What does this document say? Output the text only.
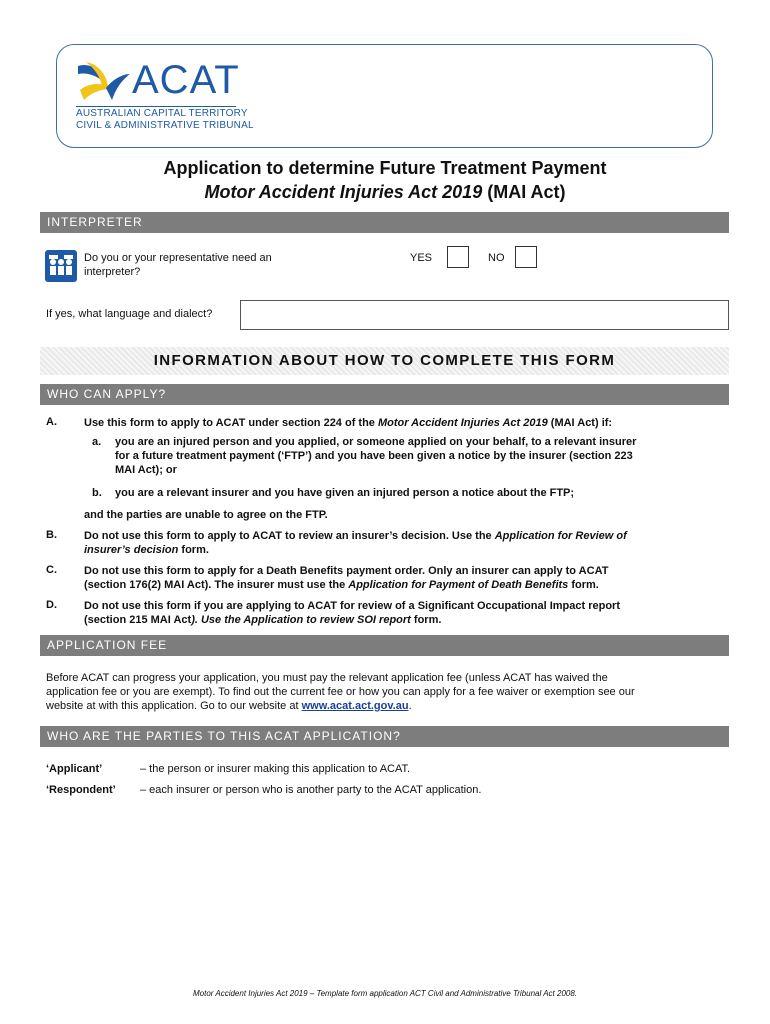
ACAT
AUSTRALIAN CAPITAL TERRITORY
CIVIL & ADMINISTRATIVE TRIBUNAL
Application to determine Future Treatment Payment
Motor Accident Injuries Act 2019 (MAI Act)
INTERPRETER
Do you or your representative need an interpreter?
YES	NO
If yes, what language and dialect?
INFORMATION ABOUT HOW TO COMPLETE THIS FORM
WHO CAN APPLY?
A. Use this form to apply to ACAT under section 224 of the Motor Accident Injuries Act 2019 (MAI Act) if:
a. you are an injured person and you applied, or someone applied on your behalf, to a relevant insurer
for a future treatment payment (‘FTP’) and you have been given a notice by the insurer (section 223
MAI Act); or
b. you are a relevant insurer and you have given an injured person a notice about the FTP;
and the parties are unable to agree on the FTP.
B. Do not use this form to apply to ACAT to review an insurer’s decision. Use the Application for Review of
insurer’s decision form.
C. Do not use this form to apply for a Death Benefits payment order. Only an insurer can apply to ACAT
(section 176(2) MAI Act). The insurer must use the Application for Payment of Death Benefits form.
D. Do not use this form if you are applying to ACAT for review of a Significant Occupational Impact report
(section 215 MAI Act). Use the Application to review SOI report form.
APPLICATION FEE
Before ACAT can progress your application, you must pay the relevant application fee (unless ACAT has waived the
application fee or you are exempt). To find out the current fee or how you can apply for a fee waiver or exemption see our
website at with this application. Go to our website at www.acat.act.gov.au.
WHO ARE THE PARTIES TO THIS ACAT APPLICATION?
‘Applicant’	– the person or insurer making this application to ACAT.
‘Respondent’ – each insurer or person who is another party to the ACAT application.
Motor Accident Injuries Act 2019 – Template form application ACT Civil and Administrative Tribunal Act 2008.
